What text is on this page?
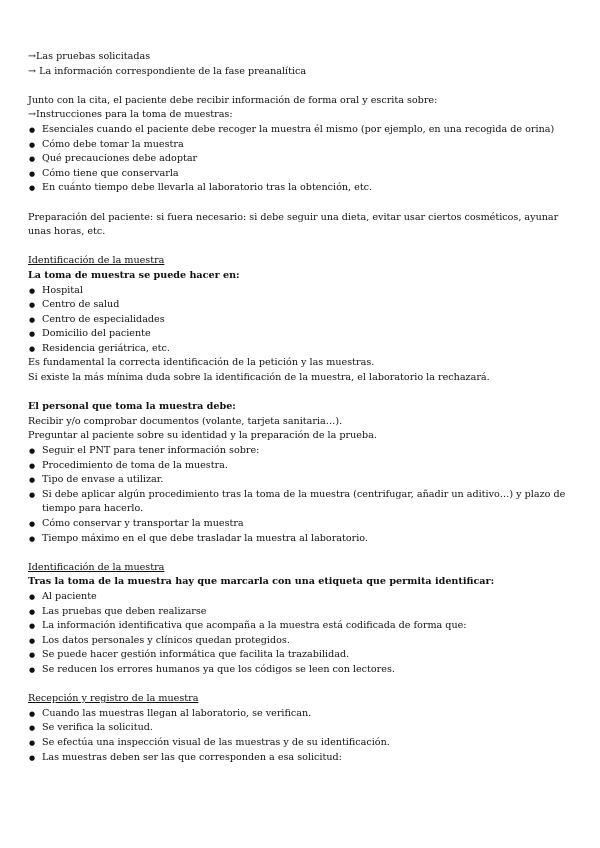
→Las pruebas solicitadas
→ La información correspondiente de la fase preanalítica
Junto con la cita, el paciente debe recibir información de forma oral y escrita sobre:
→Instrucciones para la toma de muestras:
● Esenciales cuando el paciente debe recoger la muestra él mismo (por ejemplo, en una recogida de orina)
● Cómo debe tomar la muestra
● Qué precauciones debe adoptar
● Cómo tiene que conservarla
● En cuánto tiempo debe llevarla al laboratorio tras la obtención, etc.
Preparación del paciente: si fuera necesario: si debe seguir una dieta, evitar usar ciertos cosméticos, ayunar unas horas, etc.
Identificación de la muestra
La toma de muestra se puede hacer en:
● Hospital
● Centro de salud
● Centro de especialidades
● Domicilio del paciente
● Residencia geriátrica, etc.
Es fundamental la correcta identificación de la petición y las muestras.
Si existe la más mínima duda sobre la identificación de la muestra, el laboratorio la rechazará.
El personal que toma la muestra debe:
Recibir y/o comprobar documentos (volante, tarjeta sanitaria…).
Preguntar al paciente sobre su identidad y la preparación de la prueba.
● Seguir el PNT para tener información sobre:
● Procedimiento de toma de la muestra.
● Tipo de envase a utilizar.
● Si debe aplicar algún procedimiento tras la toma de la muestra (centrifugar, añadir un aditivo…) y plazo de tiempo para hacerlo.
● Cómo conservar y transportar la muestra
● Tiempo máximo en el que debe trasladar la muestra al laboratorio.
Identificación de la muestra
Tras la toma de la muestra hay que marcarla con una etiqueta que permita identificar:
● Al paciente
● Las pruebas que deben realizarse
● La información identificativa que acompaña a la muestra está codificada de forma que:
● Los datos personales y clínicos quedan protegidos.
● Se puede hacer gestión informática que facilita la trazabilidad.
● Se reducen los errores humanos ya que los códigos se leen con lectores.
Recepción y registro de la muestra
● Cuando las muestras llegan al laboratorio, se verifican.
● Se verifica la solicitud.
● Se efectúa una inspección visual de las muestras y de su identificación.
● Las muestras deben ser las que corresponden a esa solicitud:
